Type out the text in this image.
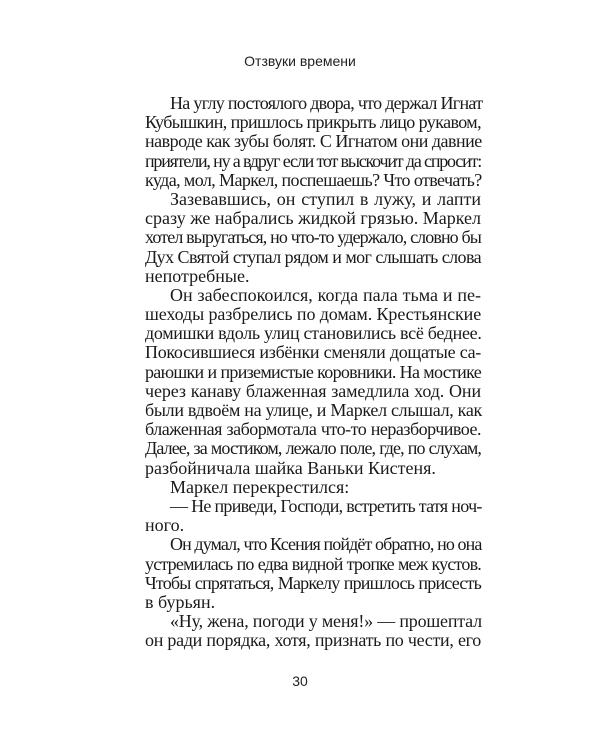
Отзвуки времени
На углу постоялого двора, что держал Игнат
Кубышкин, пришлось прикрыть лицо рукавом,
навроде как зубы болят. С Игнатом они давние
приятели, ну а вдруг если тот выскочит да спросит:
куда, мол, Маркел, поспешаешь? Что отвечать?
Зазевавшись, он ступил в лужу, и лапти
сразу же набрались жидкой грязью. Маркел
хотел выругаться, но что-то удержало, словно бы
Дух Святой ступал рядом и мог слышать слова
непотребные.
Он забеспокоился, когда пала тьма и пе-
шеходы разбрелись по домам. Крестьянские
домишки вдоль улиц становились всё беднее.
Покосившиеся избёнки сменяли дощатые са-
раюшки и приземистые коровники. На мостике
через канаву блаженная замедлила ход. Они
были вдвоём на улице, и Маркел слышал, как
блаженная забормотала что-то неразборчивое.
Далее, за мостиком, лежало поле, где, по слухам,
разбойничала шайка Ваньки Кистеня.
Маркел перекрестился:
— Не приведи, Господи, встретить татя ноч-
ного.
Он думал, что Ксения пойдёт обратно, но она
устремилась по едва видной тропке меж кустов.
Чтобы спрятаться, Маркелу пришлось присесть
в бурьян.
«Ну, жена, погоди у меня!» — прошептал
он ради порядка, хотя, признать по чести, его
30
